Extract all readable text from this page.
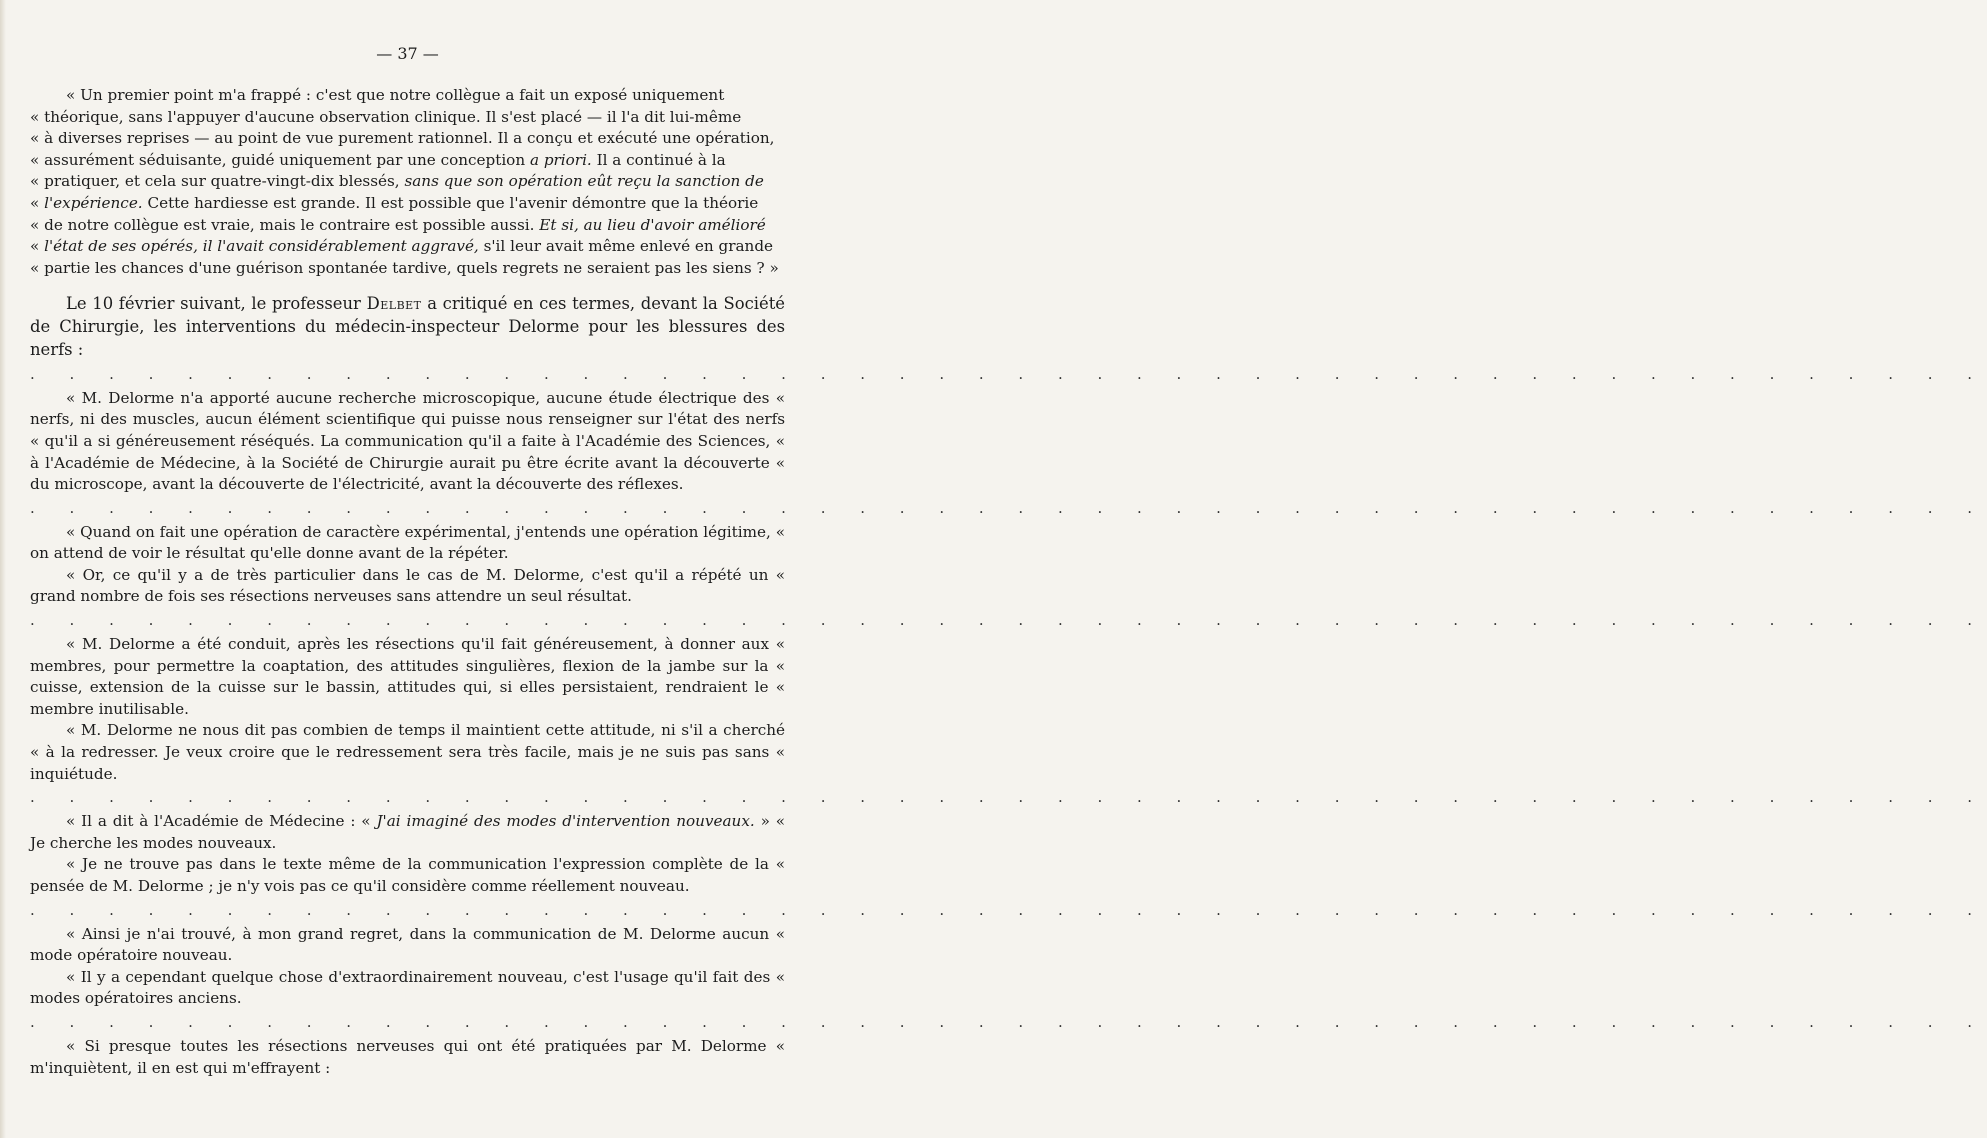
— 37 —

« Un premier point m'a frappé : c'est que notre collègue a fait un exposé uniquement

« théorique, sans l'appuyer d'aucune observation clinique. Il s'est placé — il l'a dit lui-même

« à diverses reprises — au point de vue purement rationnel. Il a conçu et exécuté une opération,

« assurément séduisante, guidé uniquement par une conception a priori. Il a continué à la

« pratiquer, et cela sur quatre-vingt-dix blessés, sans que son opération eût reçu la sanction de

« l'expérience. Cette hardiesse est grande. Il est possible que l'avenir démontre que la théorie

« de notre collègue est vraie, mais le contraire est possible aussi. Et si, au lieu d'avoir amélioré

« l'état de ses opérés, il l'avait considérablement aggravé, s'il leur avait même enlevé en grande

« partie les chances d'une guérison spontanée tardive, quels regrets ne seraient pas les siens ? »

Le 10 février suivant, le professeur Delbet a critiqué en ces termes, devant la Société de Chirurgie, les interventions du médecin-inspecteur Delorme pour les blessures des nerfs :

. . . . . . . . . . . . . . . . . . . . . . . . . . . . . . . . . . . . . . . . . . . . . . . . . .

« M. Delorme n'a apporté aucune recherche microscopique, aucune étude électrique des « nerfs, ni des muscles, aucun élément scientifique qui puisse nous renseigner sur l'état des nerfs « qu'il a si généreusement réséqués. La communication qu'il a faite à l'Académie des Sciences, « à l'Académie de Médecine, à la Société de Chirurgie aurait pu être écrite avant la découverte « du microscope, avant la découverte de l'électricité, avant la découverte des réflexes.

. . . . . . . . . . . . . . . . . . . . . . . . . . . . . . . . . . . . . . . . . . . . . . . . . .

« Quand on fait une opération de caractère expérimental, j'entends une opération légitime, « on attend de voir le résultat qu'elle donne avant de la répéter.

« Or, ce qu'il y a de très particulier dans le cas de M. Delorme, c'est qu'il a répété un « grand nombre de fois ses résections nerveuses sans attendre un seul résultat.

. . . . . . . . . . . . . . . . . . . . . . . . . . . . . . . . . . . . . . . . . . . . . . . . . .

« M. Delorme a été conduit, après les résections qu'il fait généreusement, à donner aux « membres, pour permettre la coaptation, des attitudes singulières, flexion de la jambe sur la « cuisse, extension de la cuisse sur le bassin, attitudes qui, si elles persistaient, rendraient le « membre inutilisable.

« M. Delorme ne nous dit pas combien de temps il maintient cette attitude, ni s'il a cherché « à la redresser. Je veux croire que le redressement sera très facile, mais je ne suis pas sans « inquiétude.

. . . . . . . . . . . . . . . . . . . . . . . . . . . . . . . . . . . . . . . . . . . . . . . . . .

« Il a dit à l'Académie de Médecine : « J'ai imaginé des modes d'intervention nouveaux. » « Je cherche les modes nouveaux.

« Je ne trouve pas dans le texte même de la communication l'expression complète de la « pensée de M. Delorme ; je n'y vois pas ce qu'il considère comme réellement nouveau.

. . . . . . . . . . . . . . . . . . . . . . . . . . . . . . . . . . . . . . . . . . . . . . . . . .

« Ainsi je n'ai trouvé, à mon grand regret, dans la communication de M. Delorme aucun « mode opératoire nouveau.

« Il y a cependant quelque chose d'extraordinairement nouveau, c'est l'usage qu'il fait des « modes opératoires anciens.

. . . . . . . . . . . . . . . . . . . . . . . . . . . . . . . . . . . . . . . . . . . . . . . . . .

« Si presque toutes les résections nerveuses qui ont été pratiquées par M. Delorme « m'inquiètent, il en est qui m'effrayent :
